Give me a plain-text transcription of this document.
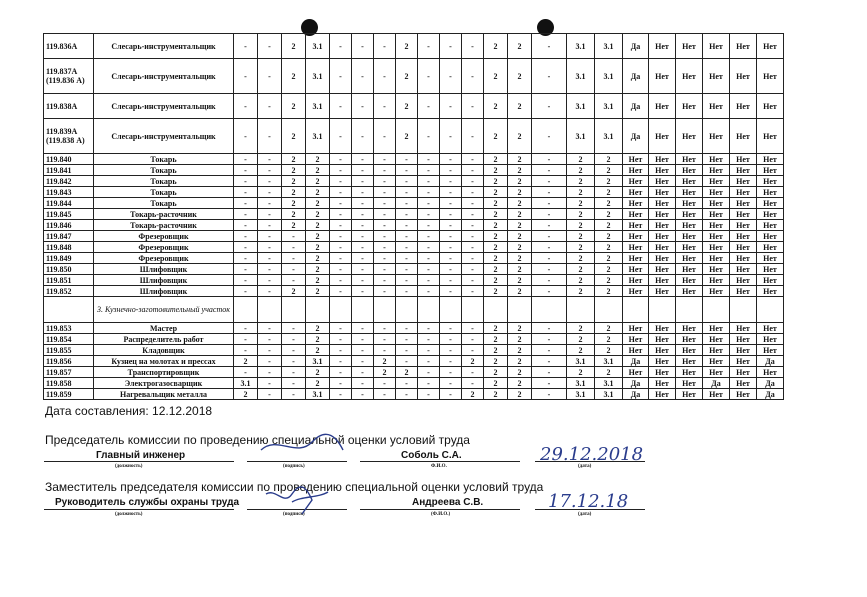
119.836А	Слесарь-инструментальщик	-	-	2	3.1	-	-	-	2	-	-	-	2	2	-	3.1	3.1	Да	Нет	Нет	Нет	Нет	Нет
119.837А (119.836 А)	Слесарь-инструментальщик	-	-	2	3.1	-	-	-	2	-	-	-	2	2	-	3.1	3.1	Да	Нет	Нет	Нет	Нет	Нет
119.838А	Слесарь-инструментальщик	-	-	2	3.1	-	-	-	2	-	-	-	2	2	-	3.1	3.1	Да	Нет	Нет	Нет	Нет	Нет
119.839А (119.838 А)	Слесарь-инструментальщик	-	-	2	3.1	-	-	-	2	-	-	-	2	2	-	3.1	3.1	Да	Нет	Нет	Нет	Нет	Нет
119.840	Токарь	-	-	2	2	-	-	-	-	-	-	-	2	2	-	2	2	Нет	Нет	Нет	Нет	Нет	Нет
119.841	Токарь	-	-	2	2	-	-	-	-	-	-	-	2	2	-	2	2	Нет	Нет	Нет	Нет	Нет	Нет
119.842	Токарь	-	-	2	2	-	-	-	-	-	-	-	2	2	-	2	2	Нет	Нет	Нет	Нет	Нет	Нет
119.843	Токарь	-	-	2	2	-	-	-	-	-	-	-	2	2	-	2	2	Нет	Нет	Нет	Нет	Нет	Нет
119.844	Токарь	-	-	2	2	-	-	-	-	-	-	-	2	2	-	2	2	Нет	Нет	Нет	Нет	Нет	Нет
119.845	Токарь-расточник	-	-	2	2	-	-	-	-	-	-	-	2	2	-	2	2	Нет	Нет	Нет	Нет	Нет	Нет
119.846	Токарь-расточник	-	-	2	2	-	-	-	-	-	-	-	2	2	-	2	2	Нет	Нет	Нет	Нет	Нет	Нет
119.847	Фрезеровщик	-	-	-	2	-	-	-	-	-	-	-	2	2	-	2	2	Нет	Нет	Нет	Нет	Нет	Нет
119.848	Фрезеровщик	-	-	-	2	-	-	-	-	-	-	-	2	2	-	2	2	Нет	Нет	Нет	Нет	Нет	Нет
119.849	Фрезеровщик	-	-	-	2	-	-	-	-	-	-	-	2	2	-	2	2	Нет	Нет	Нет	Нет	Нет	Нет
119.850	Шлифовщик	-	-	-	2	-	-	-	-	-	-	-	2	2	-	2	2	Нет	Нет	Нет	Нет	Нет	Нет
119.851	Шлифовщик	-	-	-	2	-	-	-	-	-	-	-	2	2	-	2	2	Нет	Нет	Нет	Нет	Нет	Нет
119.852	Шлифовщик	-	-	2	2	-	-	-	-	-	-	-	2	2	-	2	2	Нет	Нет	Нет	Нет	Нет	Нет
	3. Кузнечно-заготовительный участок																						
119.853	Мастер	-	-	-	2	-	-	-	-	-	-	-	2	2	-	2	2	Нет	Нет	Нет	Нет	Нет	Нет
119.854	Распределитель работ	-	-	-	2	-	-	-	-	-	-	-	2	2	-	2	2	Нет	Нет	Нет	Нет	Нет	Нет
119.855	Кладовщик	-	-	-	2	-	-	-	-	-	-	-	2	2	-	2	2	Нет	Нет	Нет	Нет	Нет	Нет
119.856	Кузнец на молотах и прессах	2	-	-	3.1	-	-	2	-	-	-	2	2	2	-	3.1	3.1	Да	Нет	Нет	Нет	Нет	Да
119.857	Транспортировщик	-	-	-	2	-	-	2	2	-	-	-	2	2	-	2	2	Нет	Нет	Нет	Нет	Нет	Нет
119.858	Электрогазосварщик	3.1	-	-	2	-	-	-	-	-	-	-	2	2	-	3.1	3.1	Да	Нет	Нет	Да	Нет	Да
119.859	Нагревальщик металла	2	-	-	3.1	-	-	-	-	-	-	2	2	2	-	3.1	3.1	Да	Нет	Нет	Нет	Нет	Да
Дата составления: 12.12.2018
Председатель комиссии по проведению специальной оценки условий труда
Главный инженер	Соболь С.А.	29.12.2018
(должность)	(подпись)	Ф.И.О.	(дата)
Заместитель председателя комиссии по проведению специальной оценки условий труда
Руководитель службы охраны труда	Андреева С.В.	17.12.18
(должность)	(подпись)	(Ф.И.О.)	(дата)
